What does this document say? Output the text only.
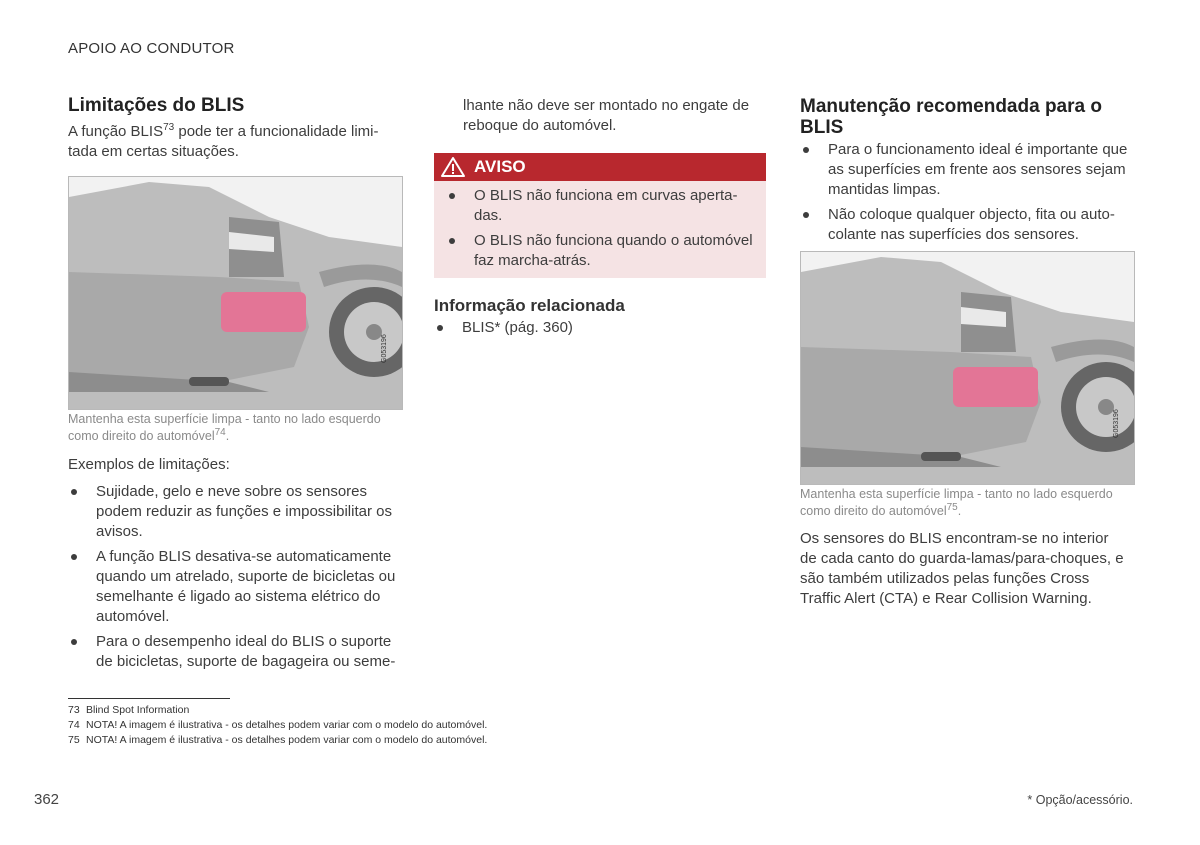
APOIO AO CONDUTOR
Limitações do BLIS
A função BLIS$^{73}$ pode ter a funcionalidade limi-
tada em certas situações.
G053196
Mantenha esta superfície limpa - tanto no lado esquerdo
como direito do automóvel$^{74}$.
Exemplos de limitações:
Sujidade, gelo e neve sobre os sensores
podem reduzir as funções e impossibilitar os
avisos.
A função BLIS desativa-se automaticamente
quando um atrelado, suporte de bicicletas ou
semelhante é ligado ao sistema elétrico do
automóvel.
Para o desempenho ideal do BLIS o suporte
de bicicletas, suporte de bagageira ou seme-
lhante não deve ser montado no engate de
reboque do automóvel.
AVISO
O BLIS não funciona em curvas aperta-
das.
O BLIS não funciona quando o automóvel
faz marcha-atrás.
Informação relacionada
BLIS* (pág. 360)
Manutenção recomendada para o
BLIS
Para o funcionamento ideal é importante que
as superfícies em frente aos sensores sejam
mantidas limpas.
Não coloque qualquer objecto, fita ou auto-
colante nas superfícies dos sensores.
G053196
Mantenha esta superfície limpa - tanto no lado esquerdo
como direito do automóvel$^{75}$.
Os sensores do BLIS encontram-se no interior
de cada canto do guarda-lamas/para-choques, e
são também utilizados pelas funções Cross
Traffic Alert (CTA) e Rear Collision Warning.
73 Blind Spot Information
74 NOTA! A imagem é ilustrativa - os detalhes podem variar com o modelo do automóvel.
75 NOTA! A imagem é ilustrativa - os detalhes podem variar com o modelo do automóvel.
362	* Opção/acessório.
